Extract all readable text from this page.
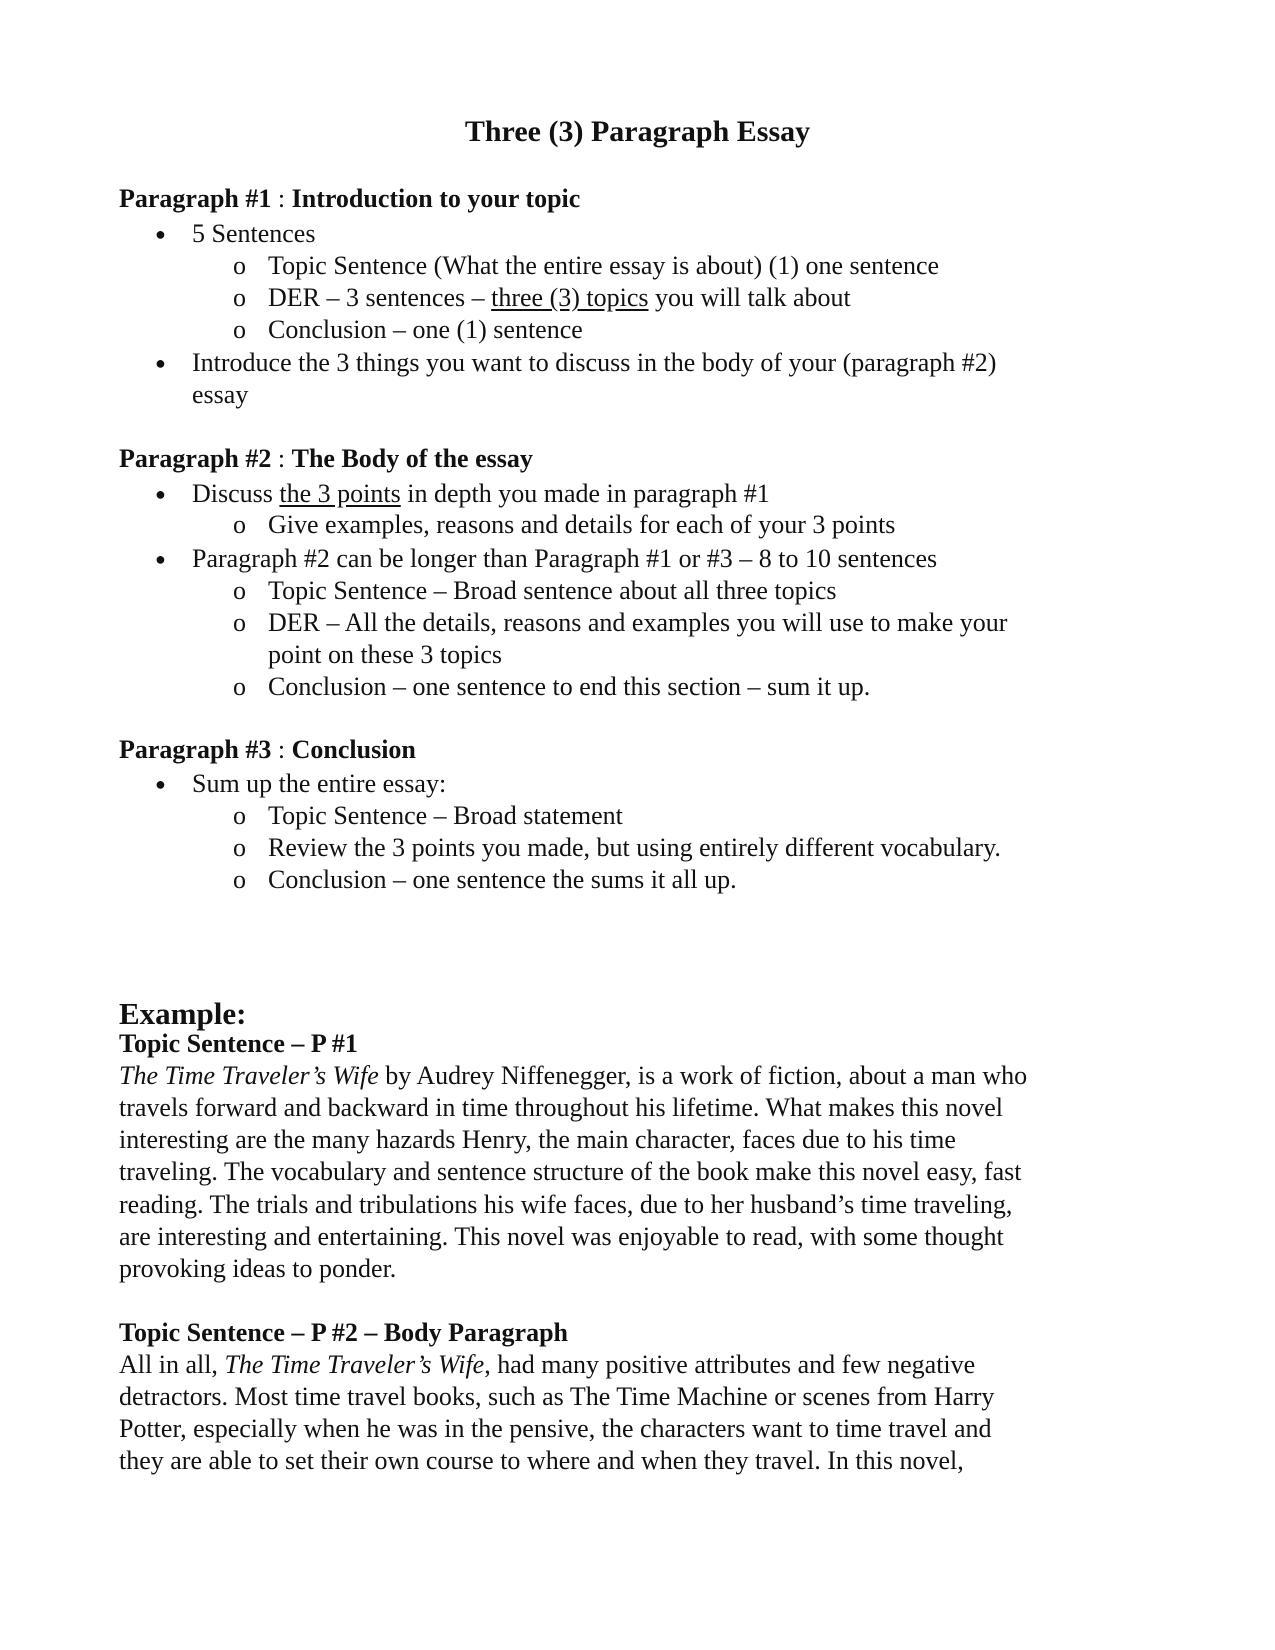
Three (3) Paragraph Essay
Paragraph #1 : Introduction to your topic
● 5 Sentences
o Topic Sentence (What the entire essay is about) (1) one sentence
o DER – 3 sentences – three (3) topics you will talk about
o Conclusion – one (1) sentence
● Introduce the 3 things you want to discuss in the body of your (paragraph #2)
essay
Paragraph #2 : The Body of the essay
● Discuss the 3 points in depth you made in paragraph #1
o Give examples, reasons and details for each of your 3 points
● Paragraph #2 can be longer than Paragraph #1 or #3 – 8 to 10 sentences
o Topic Sentence – Broad sentence about all three topics
o DER – All the details, reasons and examples you will use to make your
point on these 3 topics
o Conclusion – one sentence to end this section – sum it up.
Paragraph #3 : Conclusion
● Sum up the entire essay:
o Topic Sentence – Broad statement
o Review the 3 points you made, but using entirely different vocabulary.
o Conclusion – one sentence the sums it all up.
Example:
Topic Sentence – P #1
The Time Traveler’s Wife by Audrey Niffenegger, is a work of fiction, about a man who
travels forward and backward in time throughout his lifetime. What makes this novel
interesting are the many hazards Henry, the main character, faces due to his time
traveling. The vocabulary and sentence structure of the book make this novel easy, fast
reading. The trials and tribulations his wife faces, due to her husband’s time traveling,
are interesting and entertaining. This novel was enjoyable to read, with some thought
provoking ideas to ponder.
Topic Sentence – P #2 – Body Paragraph
All in all, The Time Traveler’s Wife, had many positive attributes and few negative
detractors. Most time travel books, such as The Time Machine or scenes from Harry
Potter, especially when he was in the pensive, the characters want to time travel and
they are able to set their own course to where and when they travel. In this novel,
